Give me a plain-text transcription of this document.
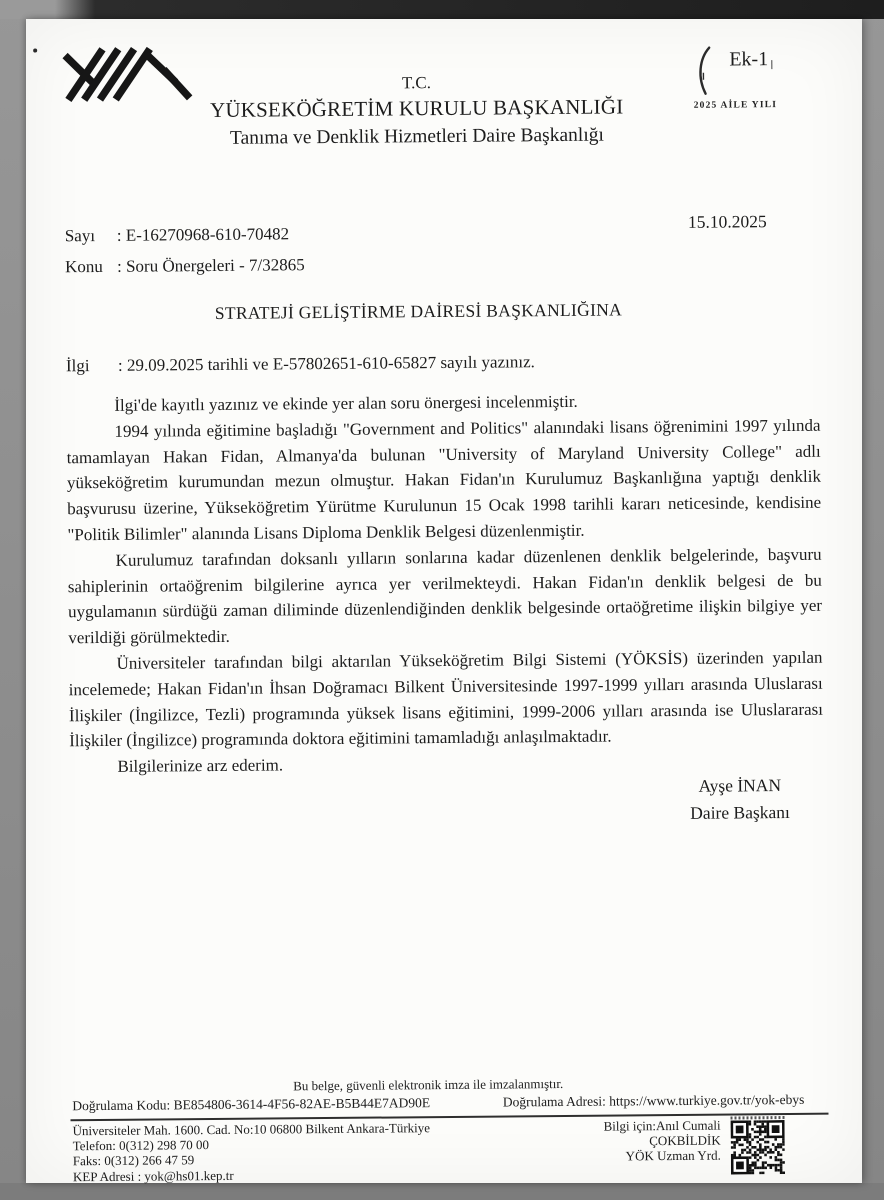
T.C.
YÜKSEKÖĞRETİM KURULU BAŞKANLIĞI
Tanıma ve Denklik Hizmetleri Daire Başkanlığı
Ek-1
2025 AİLE YILI
15.10.2025
Sayı	: E-16270968-610-70482
Konu : Soru Önergeleri - 7/32865
STRATEJİ GELİŞTİRME DAİRESİ BAŞKANLIĞINA
İlgi	: 29.09.2025 tarihli ve E-57802651-610-65827 sayılı yazınız.

İlgi'de kayıtlı yazınız ve ekinde yer alan soru önergesi incelenmiştir.

1994 yılında eğitimine başladığı "Government and Politics" alanındaki lisans öğrenimini 1997 yılında tamamlayan Hakan Fidan, Almanya'da bulunan "University of Maryland University College" adlı yükseköğretim kurumundan mezun olmuştur. Hakan Fidan'ın Kurulumuz Başkanlığına yaptığı denklik başvurusu üzerine, Yükseköğretim Yürütme Kurulunun 15 Ocak 1998 tarihli kararı neticesinde, kendisine "Politik Bilimler" alanında Lisans Diploma Denklik Belgesi düzenlenmiştir.

Kurulumuz tarafından doksanlı yılların sonlarına kadar düzenlenen denklik belgelerinde, başvuru sahiplerinin ortaöğrenim bilgilerine ayrıca yer verilmekteydi. Hakan Fidan'ın denklik belgesi de bu uygulamanın sürdüğü zaman diliminde düzenlendiğinden denklik belgesinde ortaöğretime ilişkin bilgiye yer verildiği görülmektedir.

Üniversiteler tarafından bilgi aktarılan Yükseköğretim Bilgi Sistemi (YÖKSİS) üzerinden yapılan incelemede; Hakan Fidan'ın İhsan Doğramacı Bilkent Üniversitesinde 1997-1999 yılları arasında Uluslarası İlişkiler (İngilizce, Tezli) programında yüksek lisans eğitimini, 1999-2006 yılları arasında ise Uluslararası İlişkiler (İngilizce) programında doktora eğitimini tamamladığı anlaşılmaktadır.

Bilgilerinize arz ederim.

Ayşe İNAN
Daire Başkanı
Bu belge, güvenli elektronik imza ile imzalanmıştır.
Doğrulama Kodu: BE854806-3614-4F56-82AE-B5B44E7AD90E	Doğrulama Adresi: https://www.turkiye.gov.tr/yok-ebys
Üniversiteler Mah. 1600. Cad. No:10 06800 Bilkent Ankara-Türkiye
Telefon: 0(312) 298 70 00
Faks: 0(312) 266 47 59
KEP Adresi : yok@hs01.kep.tr
Bilgi için:Anıl Cumali
ÇOKBİLDİK
YÖK Uzman Yrd.
